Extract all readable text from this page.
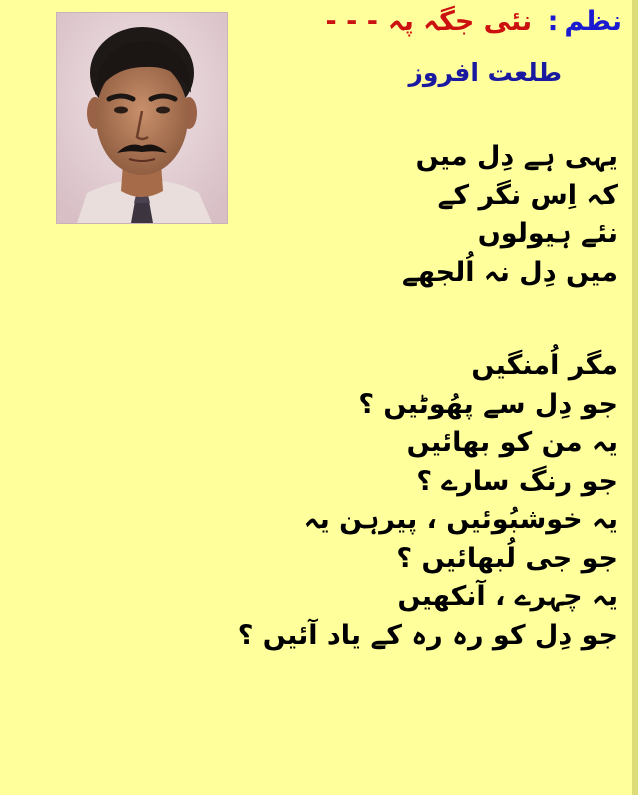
نظم: نئی جگہ پہ- - -
طلعت افروز
یہی ہے دِل میں
کہ اِس نگر کے
نئے ہیولوں
میں دِل نہ اُلجھے
مگر اُمنگیں
جو دِل سے پھُوٹیں ؟
یہ من کو بھائیں
جو رنگ سارے ؟
یہ خوشبُوئیں ، پیرہن یہ
جو جی لُبھائیں ؟
یہ چہرے ، آنکھیں
جو دِل کو رہ رہ کے یاد آئیں ؟
